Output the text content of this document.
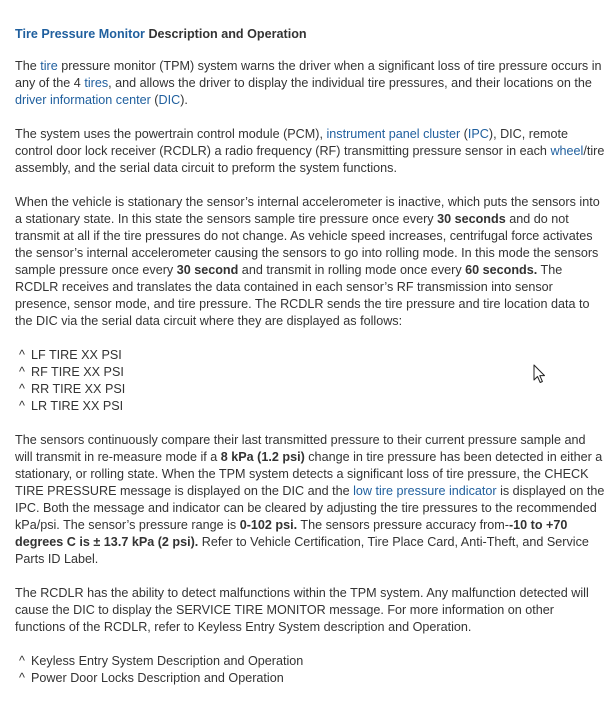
Tire Pressure Monitor Description and Operation

The tire pressure monitor (TPM) system warns the driver when a significant loss of tire pressure occurs in any of the 4 tires, and allows the driver to display the individual tire pressures, and their locations on the driver information center (DIC).

The system uses the powertrain control module (PCM), instrument panel cluster (IPC), DIC, remote control door lock receiver (RCDLR) a radio frequency (RF) transmitting pressure sensor in each wheel/tire assembly, and the serial data circuit to preform the system functions.

When the vehicle is stationary the sensor’s internal accelerometer is inactive, which puts the sensors into a stationary state. In this state the sensors sample tire pressure once every 30 seconds and do not transmit at all if the tire pressures do not change. As vehicle speed increases, centrifugal force activates the sensor’s internal accelerometer causing the sensors to go into rolling mode. In this mode the sensors sample pressure once every 30 second and transmit in rolling mode once every 60 seconds. The RCDLR receives and translates the data contained in each sensor’s RF transmission into sensor presence, sensor mode, and tire pressure. The RCDLR sends the tire pressure and tire location data to the DIC via the serial data circuit where they are displayed as follows:

^ LF TIRE XX PSI
^ RF TIRE XX PSI
^ RR TIRE XX PSI
^ LR TIRE XX PSI

The sensors continuously compare their last transmitted pressure to their current pressure sample and will transmit in re-measure mode if a 8 kPa (1.2 psi) change in tire pressure has been detected in either a stationary, or rolling state. When the TPM system detects a significant loss of tire pressure, the CHECK TIRE PRESSURE message is displayed on the DIC and the low tire pressure indicator is displayed on the IPC. Both the message and indicator can be cleared by adjusting the tire pressures to the recommended kPa/psi. The sensor’s pressure range is 0-102 psi. The sensors pressure accuracy from--10 to +70 degrees C is ± 13.7 kPa (2 psi). Refer to Vehicle Certification, Tire Place Card, Anti-Theft, and Service Parts ID Label.

The RCDLR has the ability to detect malfunctions within the TPM system. Any malfunction detected will cause the DIC to display the SERVICE TIRE MONITOR message. For more information on other functions of the RCDLR, refer to Keyless Entry System description and Operation.

^ Keyless Entry System Description and Operation
^ Power Door Locks Description and Operation
